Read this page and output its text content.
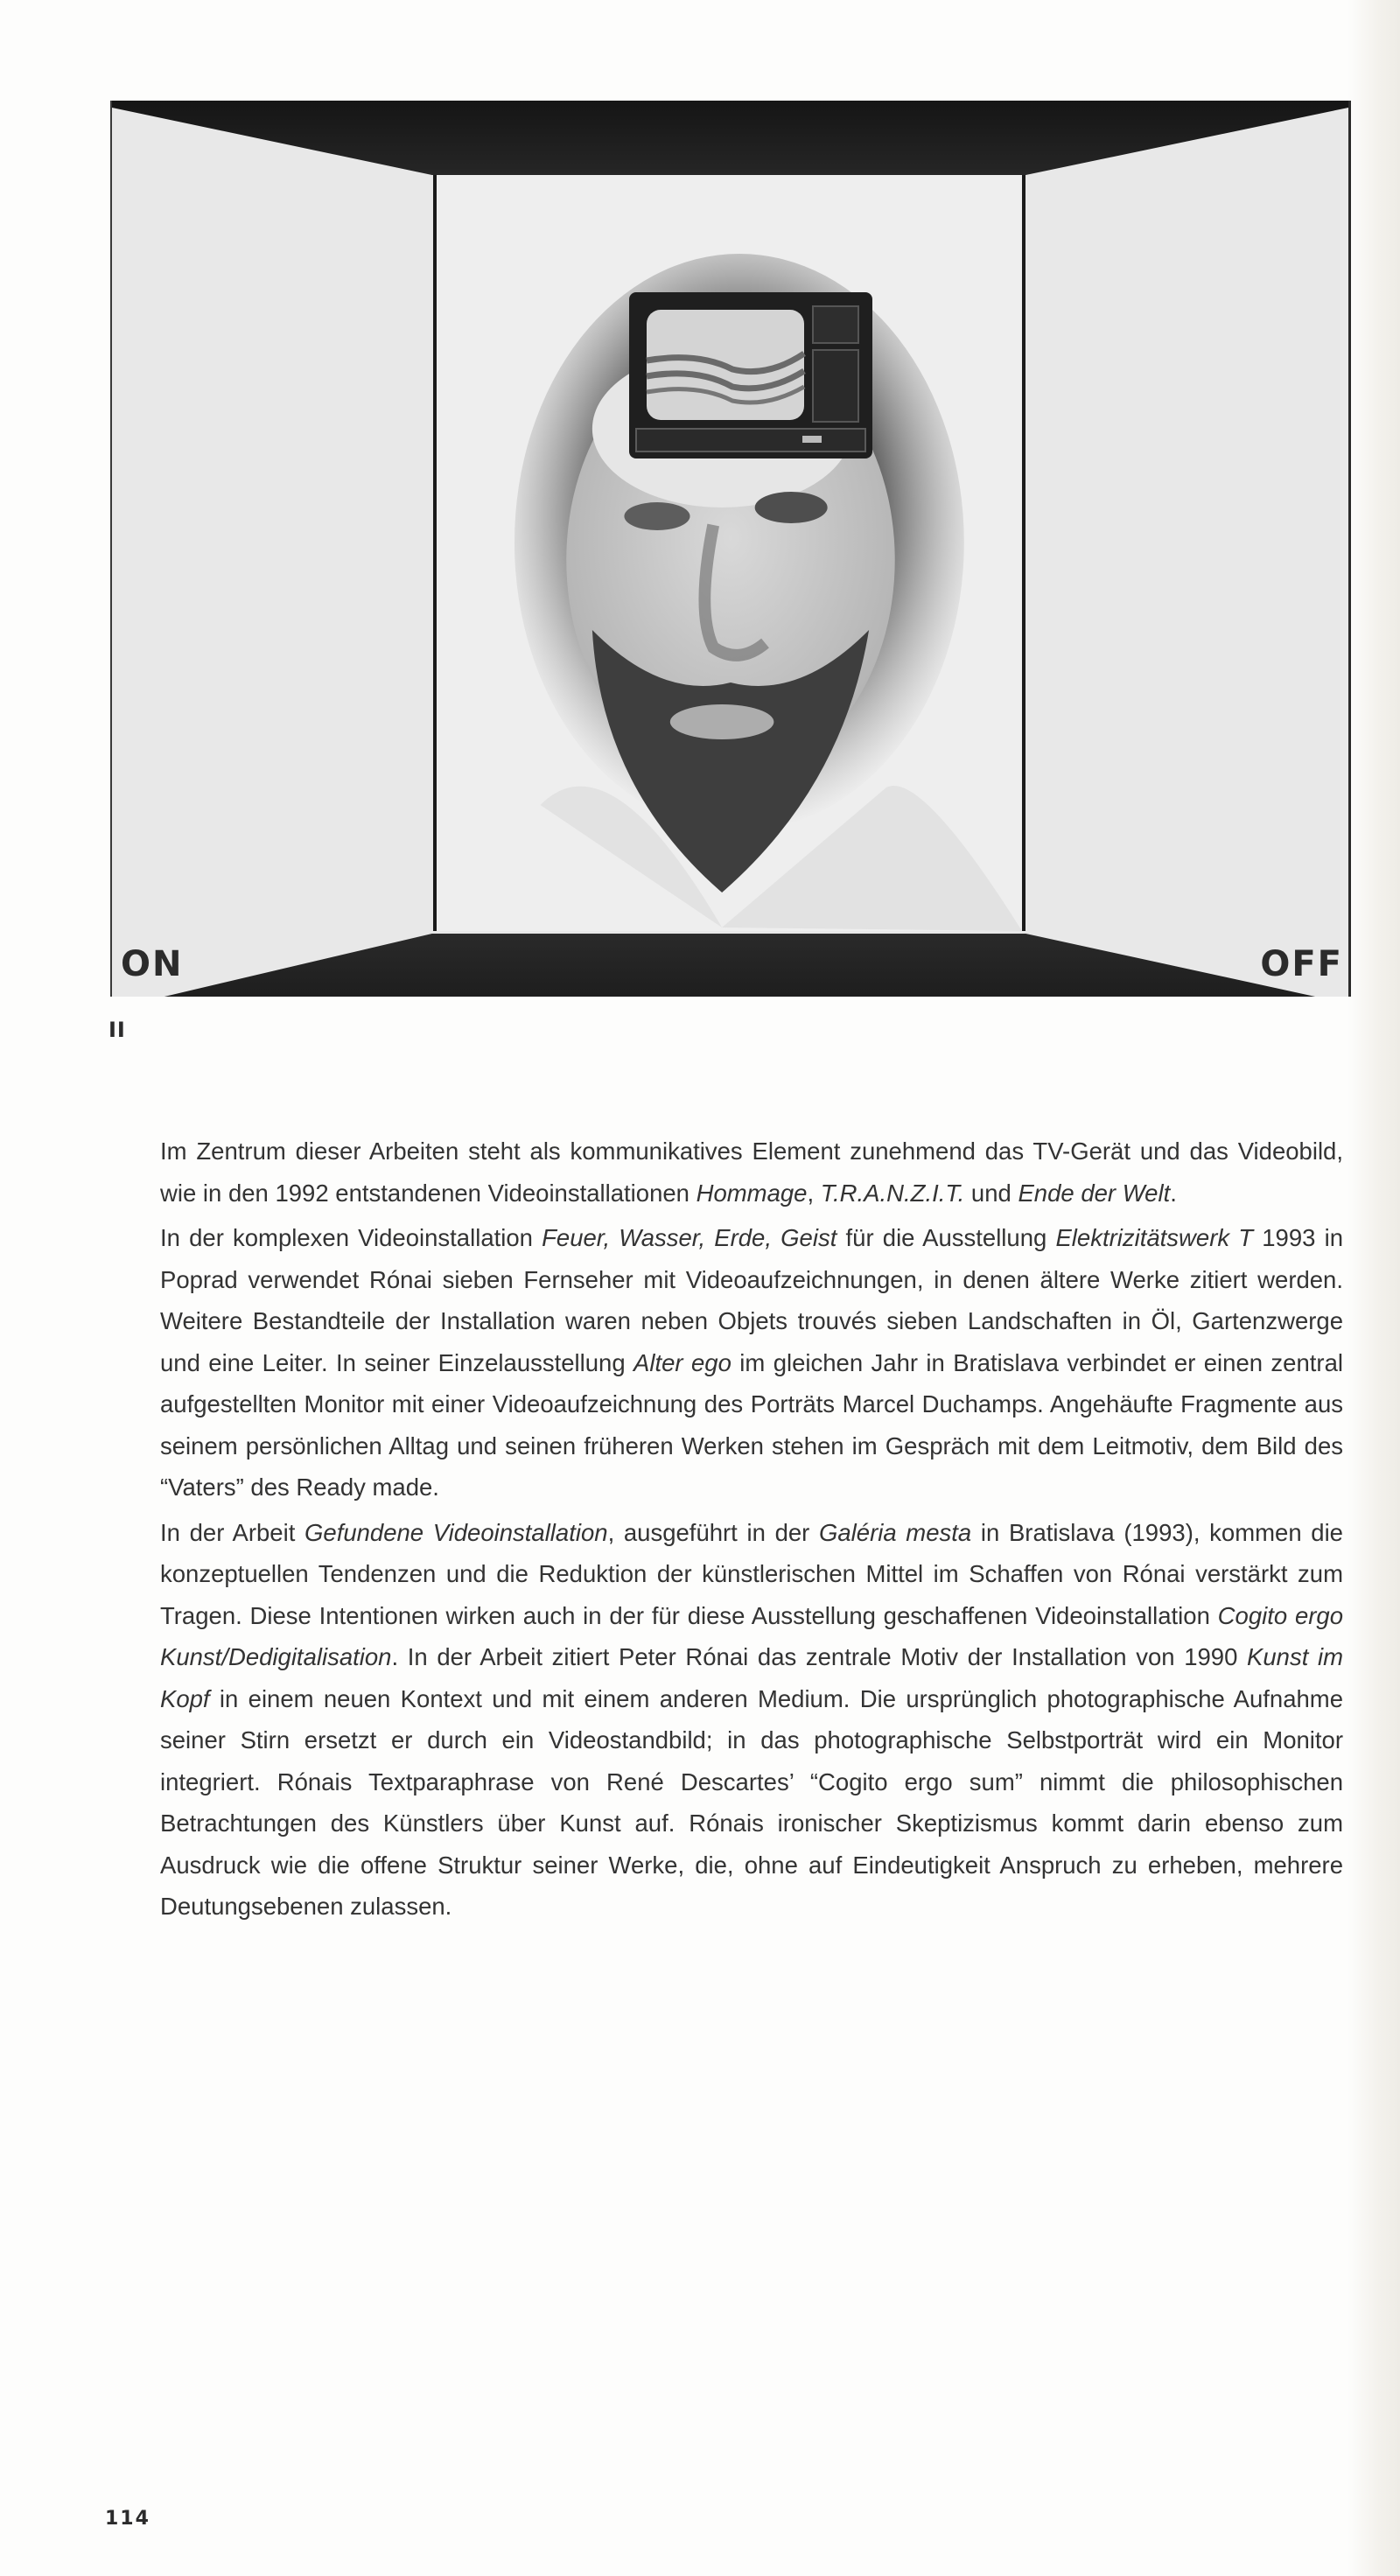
ON	OFF
II

Im Zentrum dieser Arbeiten steht als kommunikatives Element zunehmend das TV-Gerät und das Videobild, wie in den 1992 entstandenen Videoinstallationen Hommage, T.R.A.N.Z.I.T. und Ende der Welt.

In der komplexen Videoinstallation Feuer, Wasser, Erde, Geist für die Ausstellung Elektrizitätswerk T 1993 in Poprad verwendet Rónai sieben Fernseher mit Videoaufzeichnungen, in denen ältere Werke zitiert werden. Weitere Bestandteile der Installation waren neben Objets trouvés sieben Landschaften in Öl, Gartenzwerge und eine Leiter. In seiner Einzelausstellung Alter ego im gleichen Jahr in Bratislava verbindet er einen zentral aufgestellten Monitor mit einer Videoaufzeichnung des Porträts Marcel Duchamps. Angehäufte Fragmente aus seinem persönlichen Alltag und seinen früheren Werken stehen im Gespräch mit dem Leitmotiv, dem Bild des “Vaters” des Ready made.

In der Arbeit Gefundene Videoinstallation, ausgeführt in der Galéria mesta in Bratislava (1993), kommen die konzeptuellen Tendenzen und die Reduktion der künstlerischen Mittel im Schaffen von Rónai verstärkt zum Tragen. Diese Intentionen wirken auch in der für diese Ausstellung geschaffenen Videoinstallation Cogito ergo Kunst/Dedigitalisation. In der Arbeit zitiert Peter Rónai das zentrale Motiv der Installation von 1990 Kunst im Kopf in einem neuen Kontext und mit einem anderen Medium. Die ursprünglich photographische Aufnahme seiner Stirn ersetzt er durch ein Videostandbild; in das photographische Selbstporträt wird ein Monitor integriert. Rónais Textparaphrase von René Descartes’ “Cogito ergo sum” nimmt die philosophischen Betrachtungen des Künstlers über Kunst auf. Rónais ironischer Skeptizismus kommt darin ebenso zum Ausdruck wie die offene Struktur seiner Werke, die, ohne auf Eindeutigkeit Anspruch zu erheben, mehrere Deutungsebenen zulassen.

114
